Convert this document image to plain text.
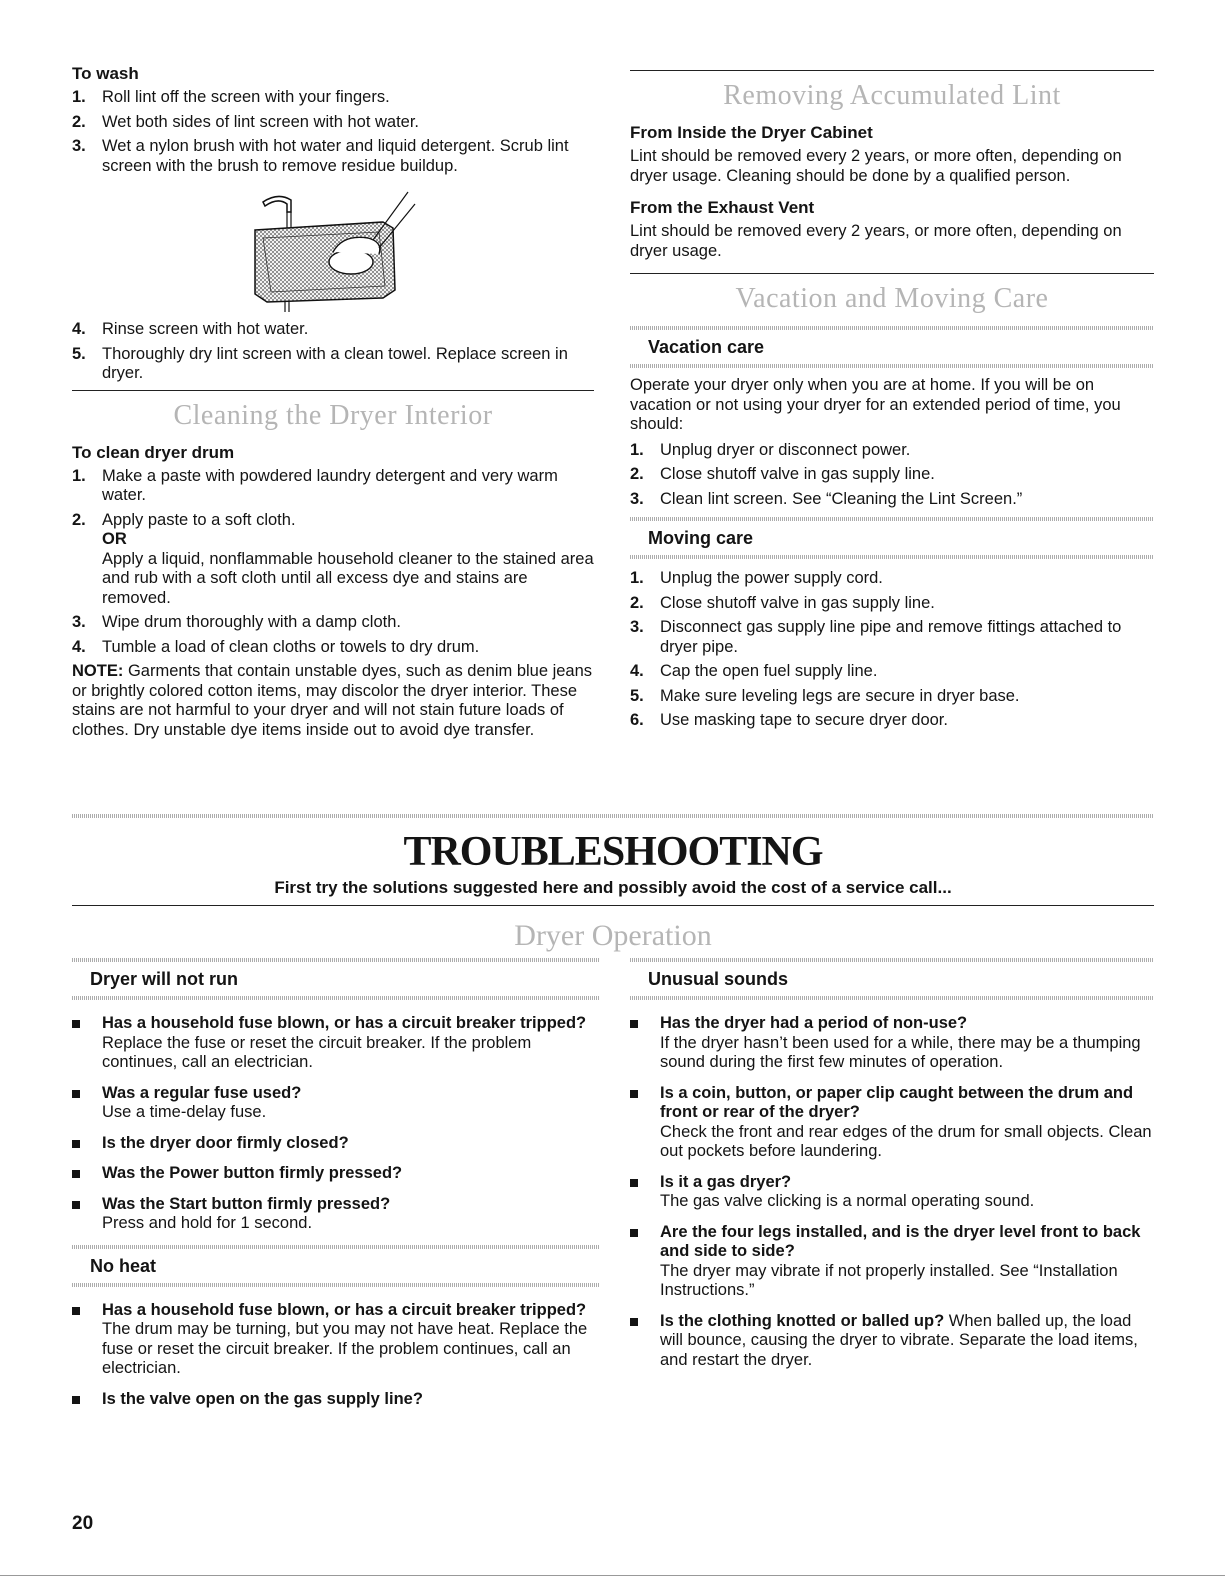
To wash
1. Roll lint off the screen with your fingers.
2. Wet both sides of lint screen with hot water.
3. Wet a nylon brush with hot water and liquid detergent. Scrub lint screen with the brush to remove residue buildup.
4. Rinse screen with hot water.
5. Thoroughly dry lint screen with a clean towel. Replace screen in dryer.
Cleaning the Dryer Interior
To clean dryer drum
1. Make a paste with powdered laundry detergent and very warm water.
2. Apply paste to a soft cloth.
OR
Apply a liquid, nonflammable household cleaner to the stained area and rub with a soft cloth until all excess dye and stains are removed.
3. Wipe drum thoroughly with a damp cloth.
4. Tumble a load of clean cloths or towels to dry drum.

NOTE: Garments that contain unstable dyes, such as denim blue jeans or brightly colored cotton items, may discolor the dryer interior. These stains are not harmful to your dryer and will not stain future loads of clothes. Dry unstable dye items inside out to avoid dye transfer.

Removing Accumulated Lint
From Inside the Dryer Cabinet

Lint should be removed every 2 years, or more often, depending on dryer usage. Cleaning should be done by a qualified person.

From the Exhaust Vent

Lint should be removed every 2 years, or more often, depending on dryer usage.

Vacation and Moving Care
Vacation care

Operate your dryer only when you are at home. If you will be on vacation or not using your dryer for an extended period of time, you should:

1. Unplug dryer or disconnect power.
2. Close shutoff valve in gas supply line.
3. Clean lint screen. See “Cleaning the Lint Screen.”
Moving care
1. Unplug the power supply cord.
2. Close shutoff valve in gas supply line.
3. Disconnect gas supply line pipe and remove fittings attached to dryer pipe.
4. Cap the open fuel supply line.
5. Make sure leveling legs are secure in dryer base.
6. Use masking tape to secure dryer door.
TROUBLESHOOTING
First try the solutions suggested here and possibly avoid the cost of a service call...
Dryer Operation
Dryer will not run
Has a household fuse blown, or has a circuit breaker tripped?
Replace the fuse or reset the circuit breaker. If the problem continues, call an electrician.
Was a regular fuse used?
Use a time-delay fuse.
Is the dryer door firmly closed?
Was the Power button firmly pressed?
Was the Start button firmly pressed?
Press and hold for 1 second.
No heat
Has a household fuse blown, or has a circuit breaker tripped?
The drum may be turning, but you may not have heat. Replace the fuse or reset the circuit breaker. If the problem continues, call an electrician.
Is the valve open on the gas supply line?
Unusual sounds
Has the dryer had a period of non-use?
If the dryer hasn’t been used for a while, there may be a thumping sound during the first few minutes of operation.
Is a coin, button, or paper clip caught between the drum and front or rear of the dryer?
Check the front and rear edges of the drum for small objects. Clean out pockets before laundering.
Is it a gas dryer?
The gas valve clicking is a normal operating sound.
Are the four legs installed, and is the dryer level front to back and side to side?
The dryer may vibrate if not properly installed. See “Installation Instructions.”
Is the clothing knotted or balled up? When balled up, the load will bounce, causing the dryer to vibrate. Separate the load items, and restart the dryer.
20
